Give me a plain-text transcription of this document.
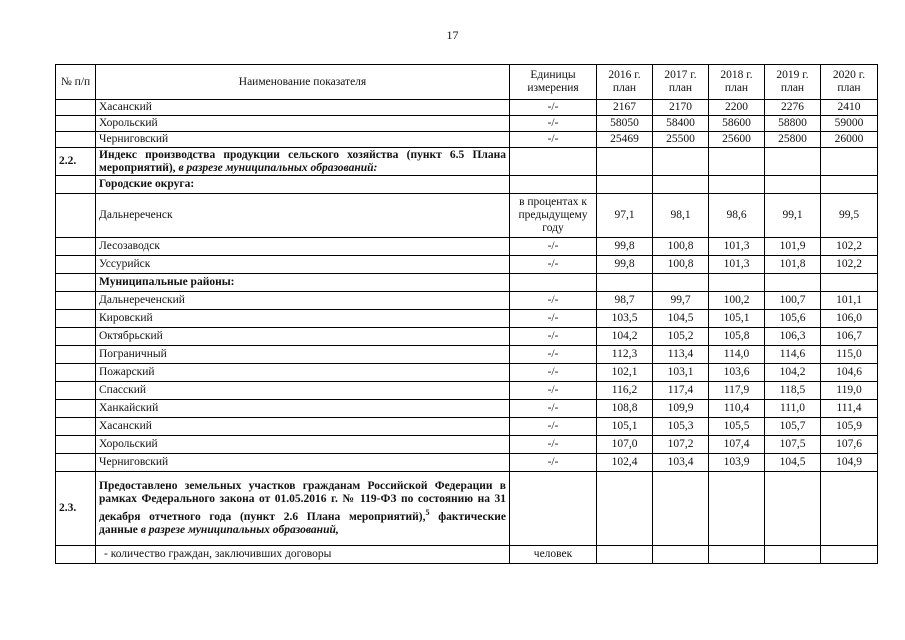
17
№ п/п	Наименование показателя	Единицы измерения	2016 г. план	2017 г. план	2018 г. план	2019 г. план	2020 г. план
	Хасанский	-/-	2167	2170	2200	2276	2410
	Хорольский	-/-	58050	58400	58600	58800	59000
	Черниговский	-/-	25469	25500	25600	25800	26000
2.2.	Индекс производства продукции сельского хозяйства (пункт 6.5 Плана мероприятий), в разрезе муниципальных образований:						
	Городские округа:						
	Дальнереченск	в процентах к предыдущему году	97,1	98,1	98,6	99,1	99,5
	Лесозаводск	-/-	99,8	100,8	101,3	101,9	102,2
	Уссурийск	-/-	99,8	100,8	101,3	101,8	102,2
	Муниципальные районы:						
	Дальнереченский	-/-	98,7	99,7	100,2	100,7	101,1
	Кировский	-/-	103,5	104,5	105,1	105,6	106,0
	Октябрьский	-/-	104,2	105,2	105,8	106,3	106,7
	Пограничный	-/-	112,3	113,4	114,0	114,6	115,0
	Пожарский	-/-	102,1	103,1	103,6	104,2	104,6
	Спасский	-/-	116,2	117,4	117,9	118,5	119,0
	Ханкайский	-/-	108,8	109,9	110,4	111,0	111,4
	Хасанский	-/-	105,1	105,3	105,5	105,7	105,9
	Хорольский	-/-	107,0	107,2	107,4	107,5	107,6
	Черниговский	-/-	102,4	103,4	103,9	104,5	104,9
2.3.	Предоставлено земельных участков гражданам Российской Федерации в рамках Федерального закона от 01.05.2016 г. № 119-ФЗ по состоянию на 31 декабря отчетного года (пункт 2.6 Плана мероприятий),$^5$ фактические данные в разрезе муниципальных образований,						
	- количество граждан, заключивших договоры	человек					
